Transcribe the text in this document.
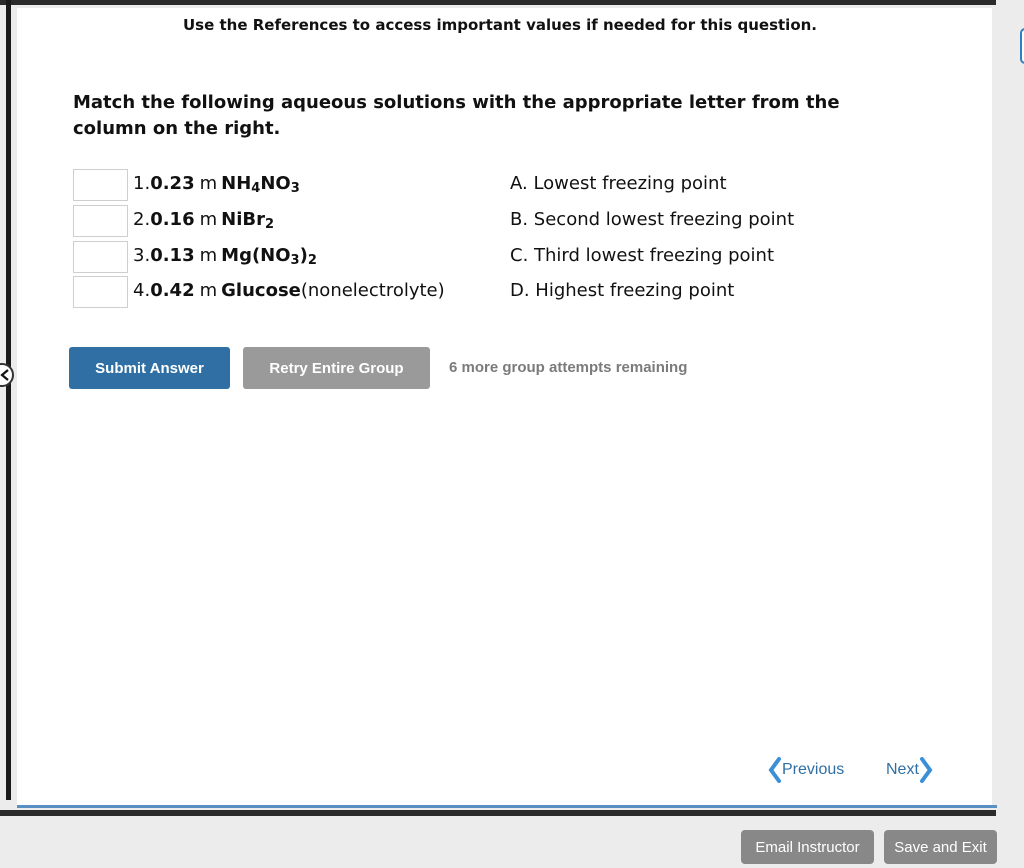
Use the References to access important values if needed for this question.
Match the following aqueous solutions with the appropriate letter from the column on the right.
1.0.23 m $NH_4NO_3$	A. Lowest freezing point
2.0.16 m NiBr$_2$	B. Second lowest freezing point
3.0.13 m $Mg(NO_3)_2$	C. Third lowest freezing point
4.0.42 m Glucose(nonelectrolyte)	D. Highest freezing point
Submit Answer	Retry Entire Group	6 more group attempts remaining
Previous	Next
Email Instructor	Save and Exit
